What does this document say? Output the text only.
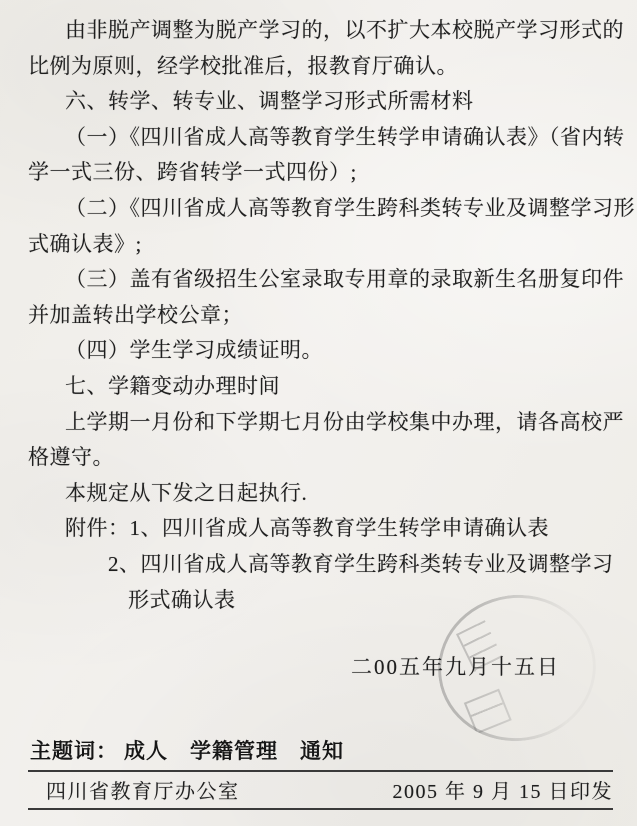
由非脱产调整为脱产学习的，以不扩大本校脱产学习形式的
比例为原则，经学校批准后，报教育厅确认。
六、转学、转专业、调整学习形式所需材料
（一）《四川省成人高等教育学生转学申请确认表》（省内转
学一式三份、跨省转学一式四份）;
（二）《四川省成人高等教育学生跨科类转专业及调整学习形
式确认表》;
（三）盖有省级招生公室录取专用章的录取新生名册复印件
并加盖转出学校公章；
（四）学生学习成绩证明。
七、学籍变动办理时间
上学期一月份和下学期七月份由学校集中办理，请各高校严
格遵守。
本规定从下发之日起执行.
附件：1、四川省成人高等教育学生转学申请确认表
2、四川省成人高等教育学生跨科类转专业及调整学习
形式确认表
二00五年九月十五日
主题词： 成人　学籍管理　通知
四川省教育厅办公室	2005 年 9 月 15 日印发
